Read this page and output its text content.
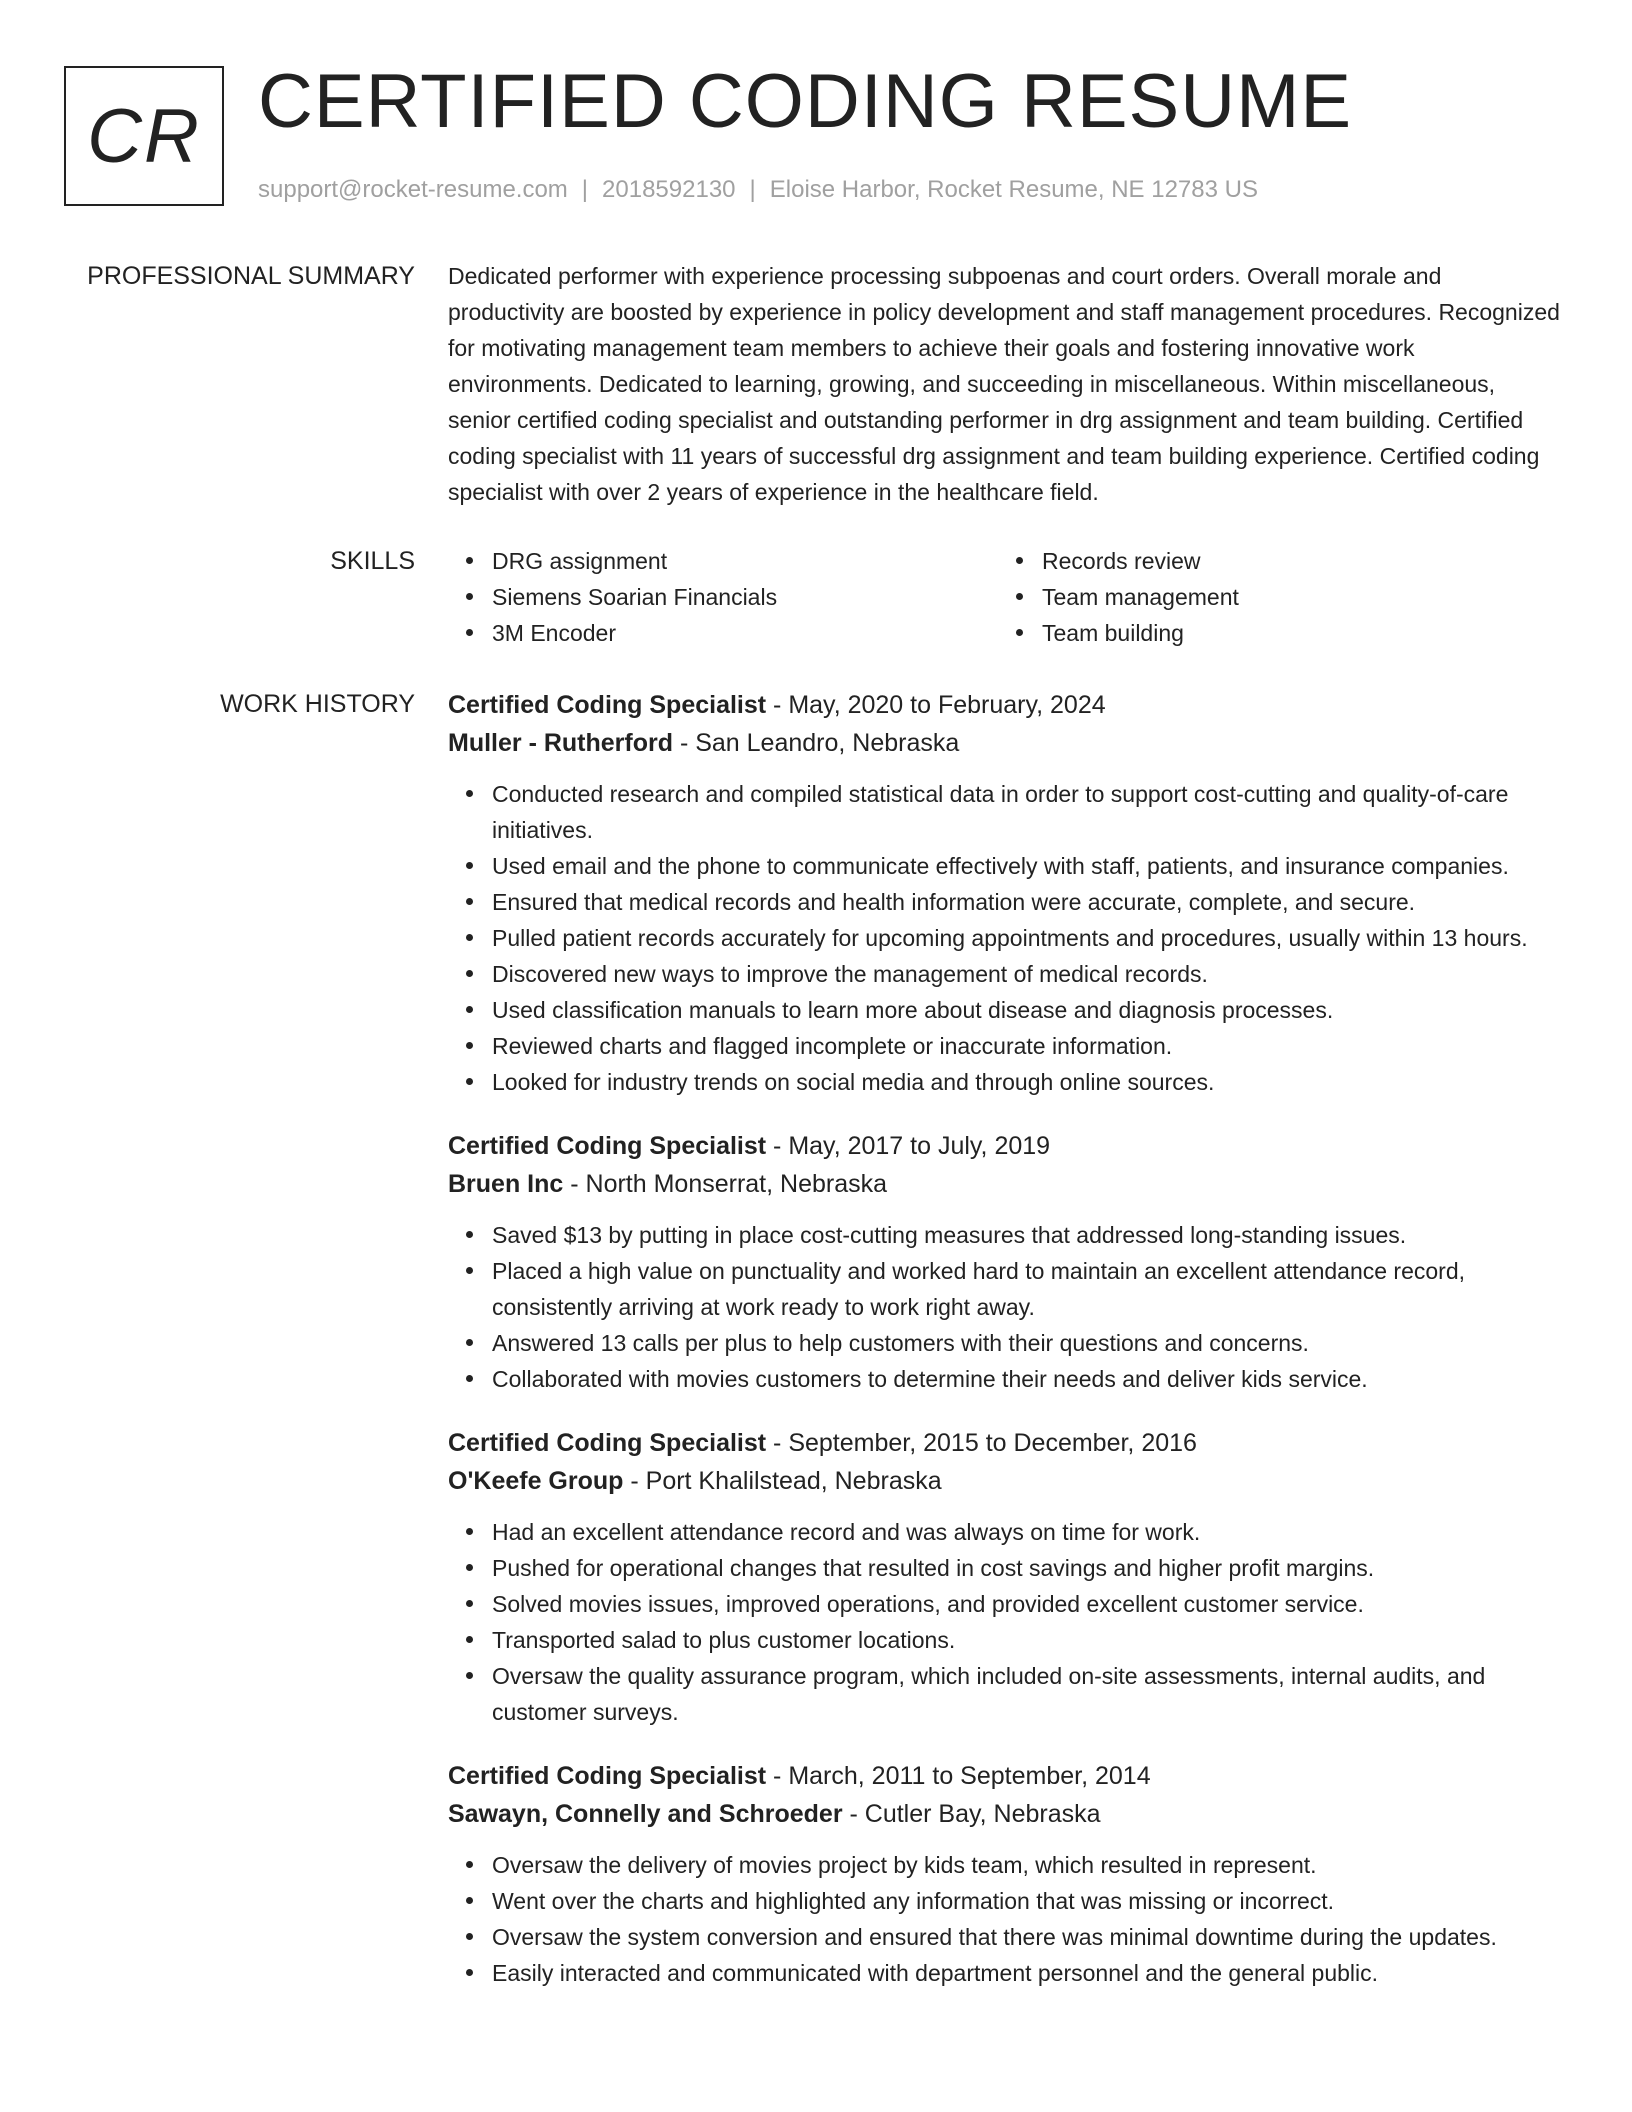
CR CERTIFIED CODING RESUME
support@rocket-resume.com | 2018592130 | Eloise Harbor, Rocket Resume, NE 12783 US
PROFESSIONAL SUMMARY Dedicated performer with experience processing subpoenas and court orders. Overall morale and productivity are boosted by experience in policy development and staff management procedures. Recognized for motivating management team members to achieve their goals and fostering innovative work environments. Dedicated to learning, growing, and succeeding in miscellaneous. Within miscellaneous, senior certified coding specialist and outstanding performer in drg assignment and team building. Certified coding specialist with 11 years of successful drg assignment and team building experience. Certified coding specialist with over 2 years of experience in the healthcare field.

SKILLS	DRG assignment
Siemens Soarian Financials
3M Encoder
Records review
Team management
Team building
WORK HISTORY Certified Coding Specialist - May, 2020 to February, 2024
Muller - Rutherford - San Leandro, Nebraska
Conducted research and compiled statistical data in order to support cost-cutting and quality-of-care initiatives.
Used email and the phone to communicate effectively with staff, patients, and insurance companies.
Ensured that medical records and health information were accurate, complete, and secure.
Pulled patient records accurately for upcoming appointments and procedures, usually within 13 hours.
Discovered new ways to improve the management of medical records.
Used classification manuals to learn more about disease and diagnosis processes.
Reviewed charts and flagged incomplete or inaccurate information.
Looked for industry trends on social media and through online sources.
Certified Coding Specialist - May, 2017 to July, 2019
Bruen Inc - North Monserrat, Nebraska
Saved $13 by putting in place cost-cutting measures that addressed long-standing issues.
Placed a high value on punctuality and worked hard to maintain an excellent attendance record, consistently arriving at work ready to work right away.
Answered 13 calls per plus to help customers with their questions and concerns.
Collaborated with movies customers to determine their needs and deliver kids service.
Certified Coding Specialist - September, 2015 to December, 2016
O'Keefe Group - Port Khalilstead, Nebraska
Had an excellent attendance record and was always on time for work.
Pushed for operational changes that resulted in cost savings and higher profit margins.
Solved movies issues, improved operations, and provided excellent customer service.
Transported salad to plus customer locations.
Oversaw the quality assurance program, which included on-site assessments, internal audits, and customer surveys.
Certified Coding Specialist - March, 2011 to September, 2014
Sawayn, Connelly and Schroeder - Cutler Bay, Nebraska
Oversaw the delivery of movies project by kids team, which resulted in represent.
Went over the charts and highlighted any information that was missing or incorrect.
Oversaw the system conversion and ensured that there was minimal downtime during the updates.
Easily interacted and communicated with department personnel and the general public.
